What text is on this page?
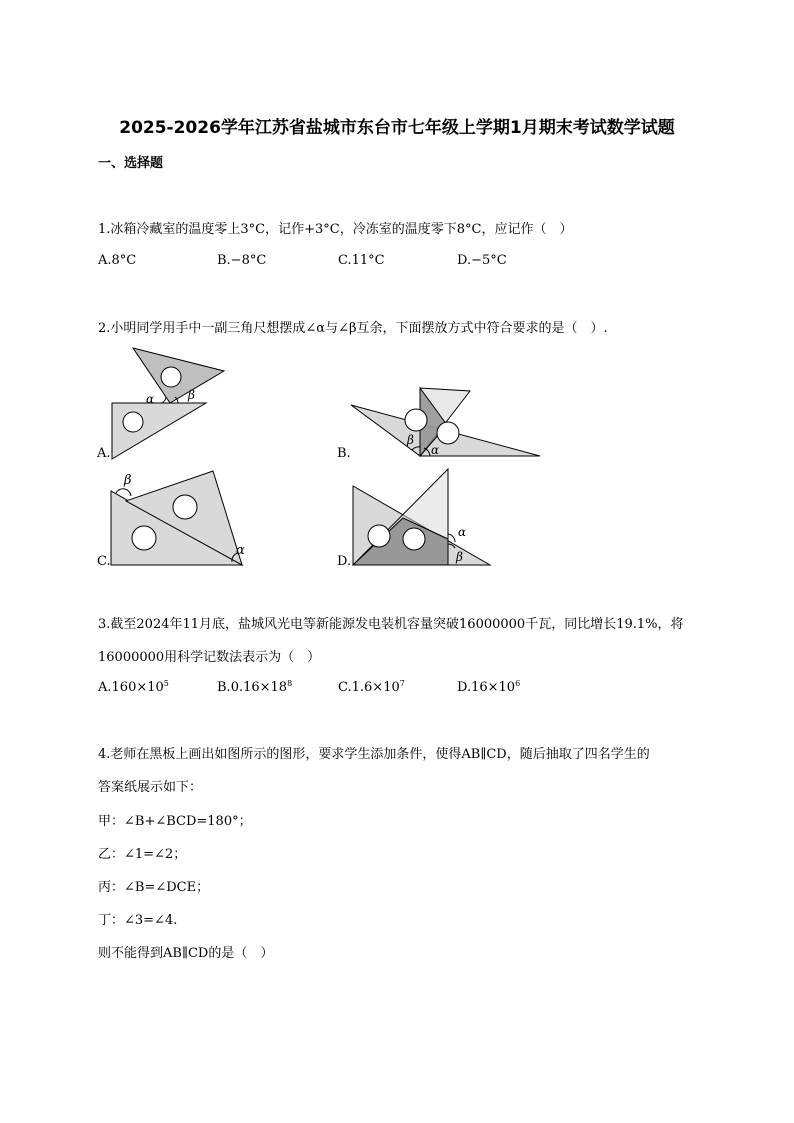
2025-2026学年江苏省盐城市东台市七年级上学期1月期末考试数学试题
一、选择题
1.冰箱冷藏室的温度零上3°C，记作+3°C，冷冻室的温度零下8°C，应记作（　）
A.8°C	B.−8°C	C.11°C	D.−5°C
2.小明同学用手中一副三角尺想摆成∠α与∠β互余，下面摆放方式中符合要求的是（　）.
α	β
A.
β
α
B.
β
α
C.
α
β
D.
3.截至2024年11月底，盐城风光电等新能源发电装机容量突破16000000千瓦，同比增长19.1%，将
16000000用科学记数法表示为（　）
$A.160\times 10^5$	$B.0.16\times 18^8$	$C.1.6\times 10^7$	$D.16\times 10^6$
4.老师在黑板上画出如图所示的图形，要求学生添加条件，使得AB∥CD，随后抽取了四名学生的
答案纸展示如下：
甲：∠B+∠BCD=180°；
乙：∠1=∠2；
丙：∠B=∠DCE；
丁：∠3=∠4.
则不能得到AB∥CD的是（　）
